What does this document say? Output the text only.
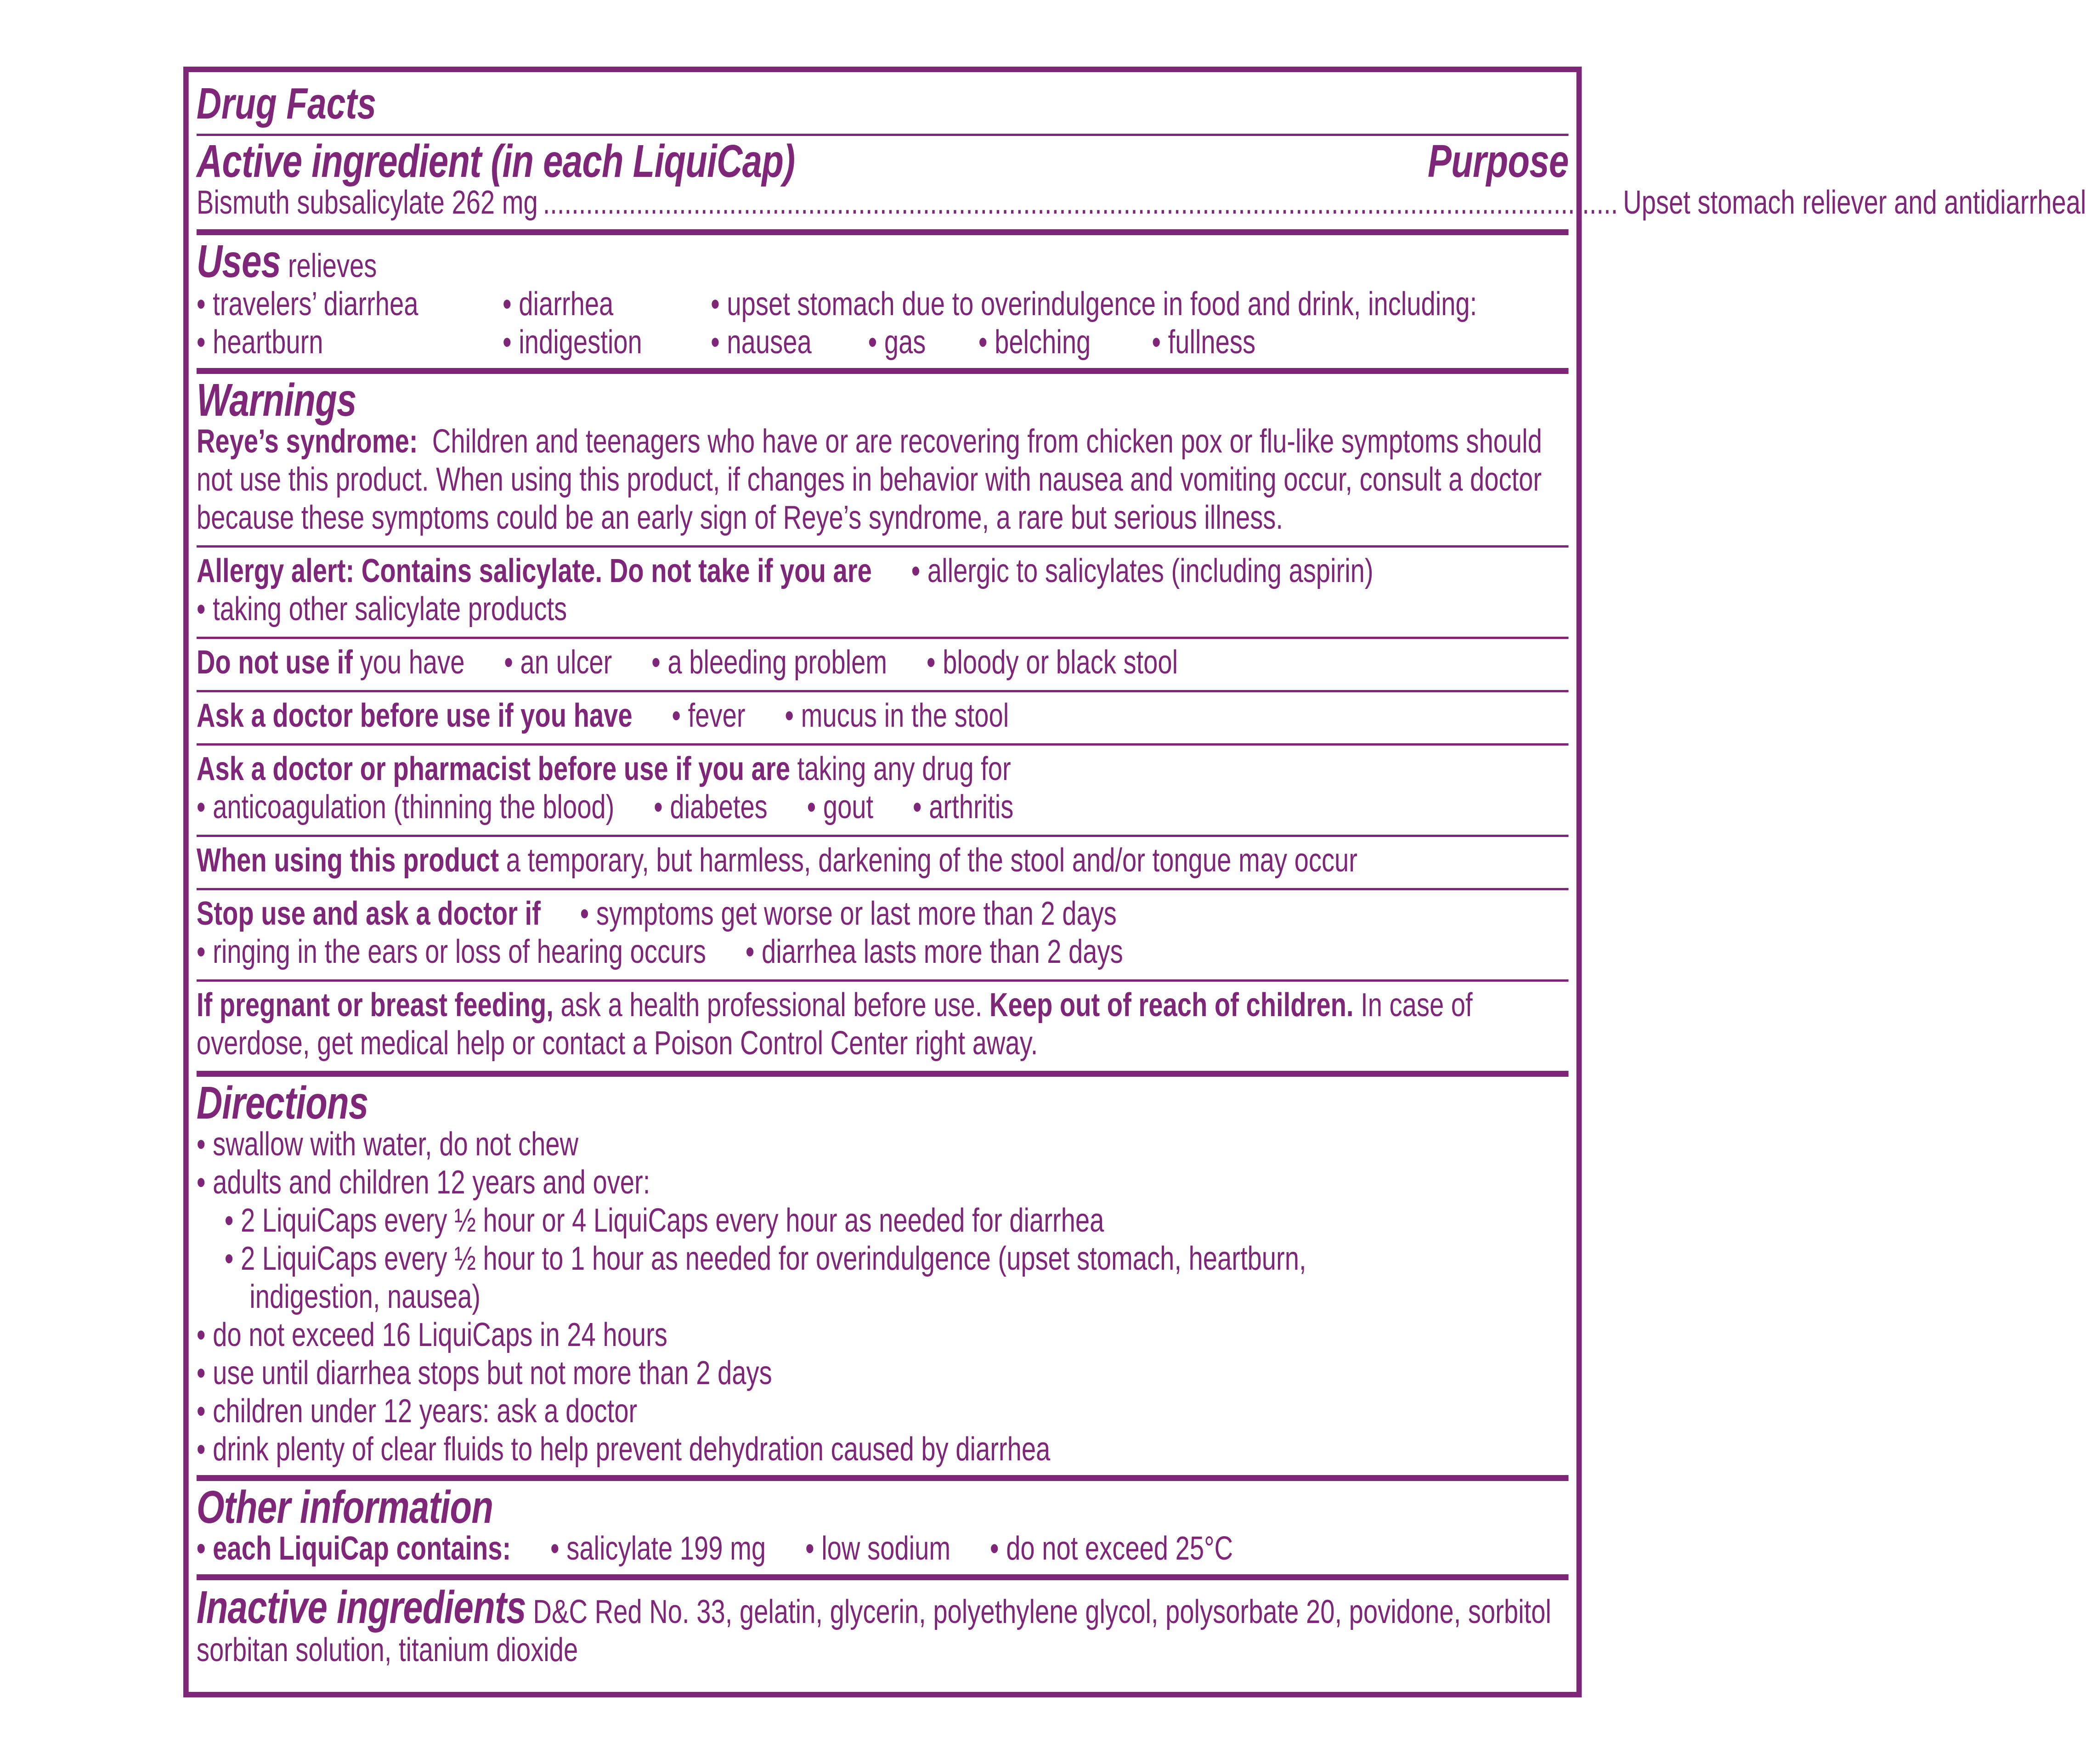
Drug Facts
Active ingredient (in each LiquiCap)	Purpose
Bismuth subsalicylate 262 mg ...................................................................................................................................................... Upset stomach reliever and antidiarrheal
Uses relieves
• travelers’ diarrhea	• diarrhea	• upset stomach due to overindulgence in food and drink, including:
• heartburn	• indigestion • nausea • gas • belching • fullness
Warnings
Reye’s syndrome: Children and teenagers who have or are recovering from chicken pox or flu-like symptoms should not use this product. When using this product, if changes in behavior with nausea and vomiting occur, consult a doctor because these symptoms could be an early sign of Reye’s syndrome, a rare but serious illness.
Allergy alert: Contains salicylate. Do not take if you are • allergic to salicylates (including aspirin)
• taking other salicylate products
Do not use if you have • an ulcer • a bleeding problem • bloody or black stool
Ask a doctor before use if you have • fever • mucus in the stool
Ask a doctor or pharmacist before use if you are taking any drug for
• anticoagulation (thinning the blood) • diabetes • gout • arthritis
When using this product a temporary, but harmless, darkening of the stool and/or tongue may occur
Stop use and ask a doctor if • symptoms get worse or last more than 2 days
• ringing in the ears or loss of hearing occurs • diarrhea lasts more than 2 days
If pregnant or breast feeding, ask a health professional before use. Keep out of reach of children. In case of overdose, get medical help or contact a Poison Control Center right away.
Directions
• swallow with water, do not chew
• adults and children 12 years and over:
• 2 LiquiCaps every ½ hour or 4 LiquiCaps every hour as needed for diarrhea
• 2 LiquiCaps every ½ hour to 1 hour as needed for overindulgence (upset stomach, heartburn,
indigestion, nausea)
• do not exceed 16 LiquiCaps in 24 hours
• use until diarrhea stops but not more than 2 days
• children under 12 years: ask a doctor
• drink plenty of clear fluids to help prevent dehydration caused by diarrhea
Other information
• each LiquiCap contains: • salicylate 199 mg • low sodium • do not exceed 25°C
Inactive ingredients D&C Red No. 33, gelatin, glycerin, polyethylene glycol, polysorbate 20, povidone, sorbitol sorbitan solution, titanium dioxide
